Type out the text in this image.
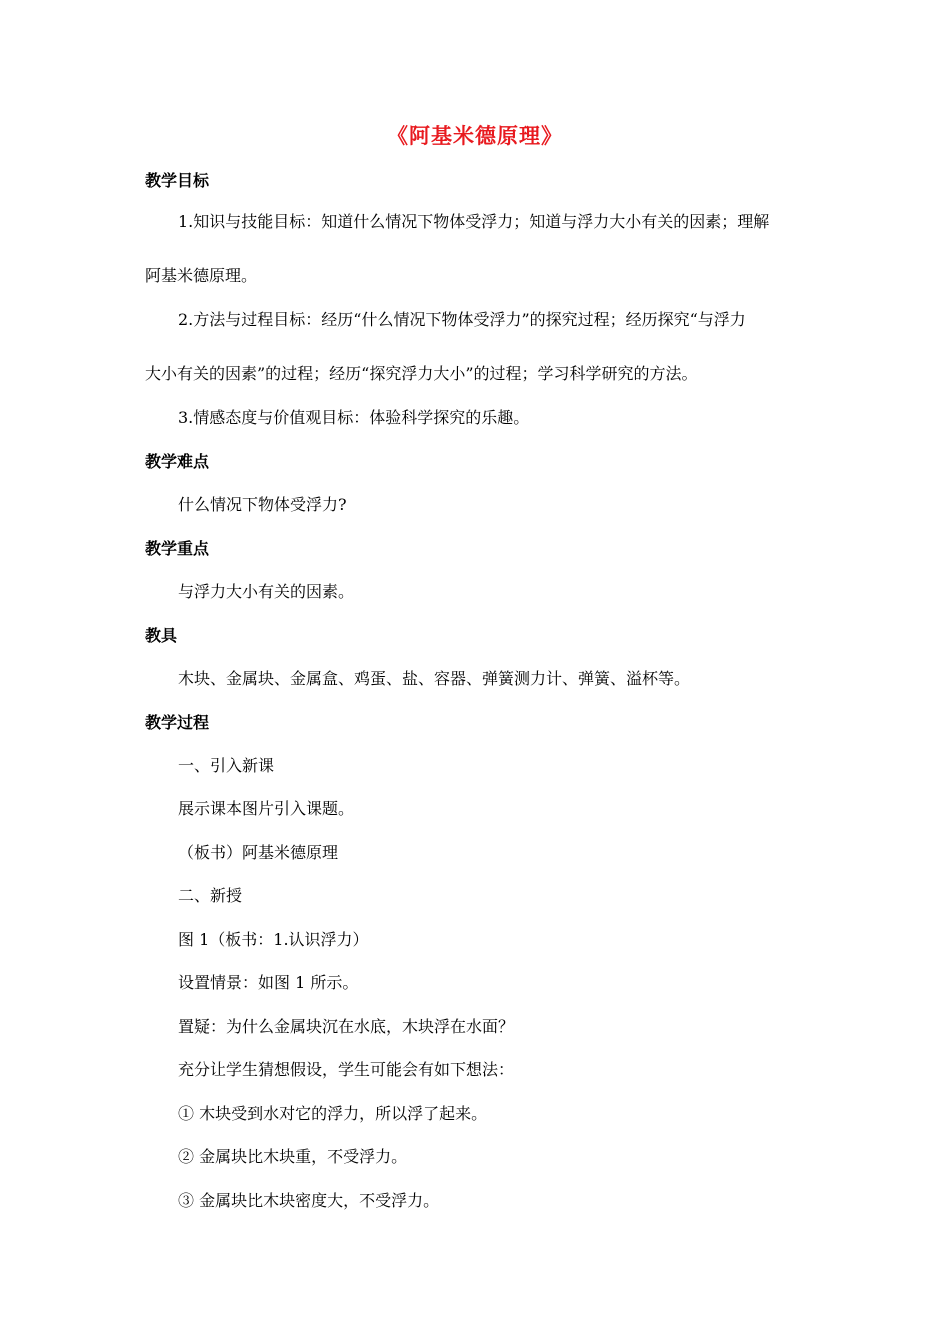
《阿基米德原理》
教学目标
1.知识与技能目标：知道什么情况下物体受浮力；知道与浮力大小有关的因素；理解
阿基米德原理。
2.方法与过程目标：经历“什么情况下物体受浮力”的探究过程；经历探究“与浮力
大小有关的因素”的过程；经历“探究浮力大小”的过程；学习科学研究的方法。
3.情感态度与价值观目标：体验科学探究的乐趣。
教学难点
什么情况下物体受浮力?
教学重点
与浮力大小有关的因素。
教具
木块、金属块、金属盒、鸡蛋、盐、容器、弹簧测力计、弹簧、溢杯等。
教学过程
一、引入新课
展示课本图片引入课题。
（板书）阿基米德原理
二、新授
图 1（板书：1.认识浮力）
设置情景：如图 1 所示。
置疑：为什么金属块沉在水底，木块浮在水面？
充分让学生猜想假设，学生可能会有如下想法：
① 木块受到水对它的浮力，所以浮了起来。
② 金属块比木块重，不受浮力。
③ 金属块比木块密度大，不受浮力。
